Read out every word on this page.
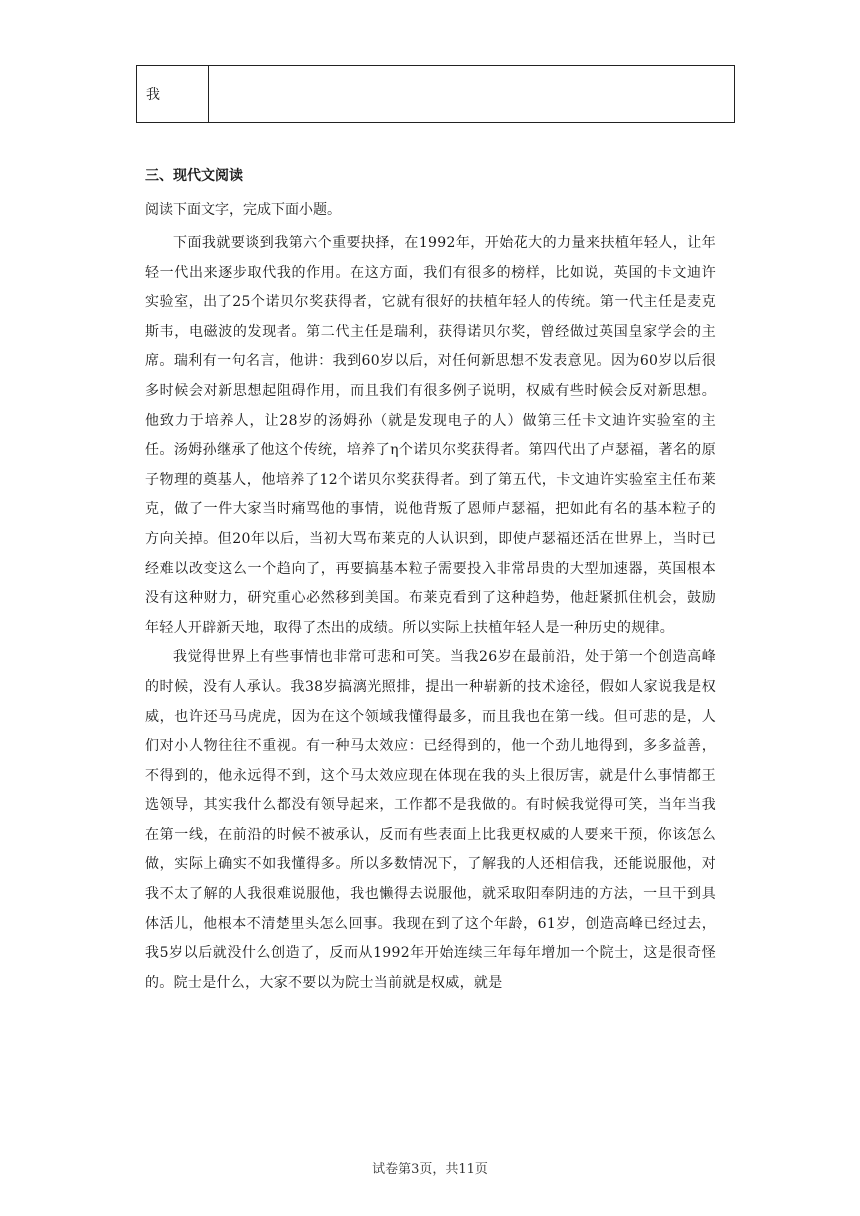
我
三、现代文阅读
阅读下面文字，完成下面小题。

下面我就要谈到我第六个重要抉择，在1992年，开始花大的力量来扶植年轻人，让年轻一代出来逐步取代我的作用。在这方面，我们有很多的榜样，比如说，英国的卡文迪许实验室，出了25个诺贝尔奖获得者，它就有很好的扶植年轻人的传统。第一代主任是麦克斯韦，电磁波的发现者。第二代主任是瑞利，获得诺贝尔奖，曾经做过英国皇家学会的主席。瑞利有一句名言，他讲：我到60岁以后，对任何新思想不发表意见。因为60岁以后很多时候会对新思想起阻碍作用，而且我们有很多例子说明，权威有些时候会反对新思想。他致力于培养人，让28岁的汤姆孙（就是发现电子的人）做第三任卡文迪许实验室的主任。汤姆孙继承了他这个传统，培养了η个诺贝尔奖获得者。第四代出了卢瑟福，著名的原子物理的奠基人，他培养了12个诺贝尔奖获得者。到了第五代，卡文迪许实验室主任布莱克，做了一件大家当时痛骂他的事情，说他背叛了恩师卢瑟福，把如此有名的基本粒子的方向关掉。但20年以后，当初大骂布莱克的人认识到，即使卢瑟福还活在世界上，当时已经难以改变这么一个趋向了，再要搞基本粒子需要投入非常昂贵的大型加速器，英国根本没有这种财力，研究重心必然移到美国。布莱克看到了这种趋势，他赶紧抓住机会，鼓励年轻人开辟新天地，取得了杰出的成绩。所以实际上扶植年轻人是一种历史的规律。

我觉得世界上有些事情也非常可悲和可笑。当我26岁在最前沿，处于第一个创造高峰的时候，没有人承认。我38岁搞漓光照排，提出一种崭新的技术途径，假如人家说我是权威，也许还马马虎虎，因为在这个领域我懂得最多，而且我也在第一线。但可悲的是，人们对小人物往往不重视。有一种马太效应：已经得到的，他一个劲儿地得到，多多益善，不得到的，他永远得不到，这个马太效应现在体现在我的头上很厉害，就是什么事情都王选领导，其实我什么都没有领导起来，工作都不是我做的。有时候我觉得可笑，当年当我在第一线，在前沿的时候不被承认，反而有些表面上比我更权威的人要来干预，你该怎么做，实际上确实不如我懂得多。所以多数情况下，了解我的人还相信我，还能说服他，对我不太了解的人我很难说服他，我也懒得去说服他，就采取阳奉阴违的方法，一旦干到具体活儿，他根本不清楚里头怎么回事。我现在到了这个年龄，61岁，创造高峰已经过去，我5岁以后就没什么创造了，反而从1992年开始连续三年每年增加一个院士，这是很奇怪的。院士是什么，大家不要以为院士当前就是权威，就是

试卷第3页，共11页
